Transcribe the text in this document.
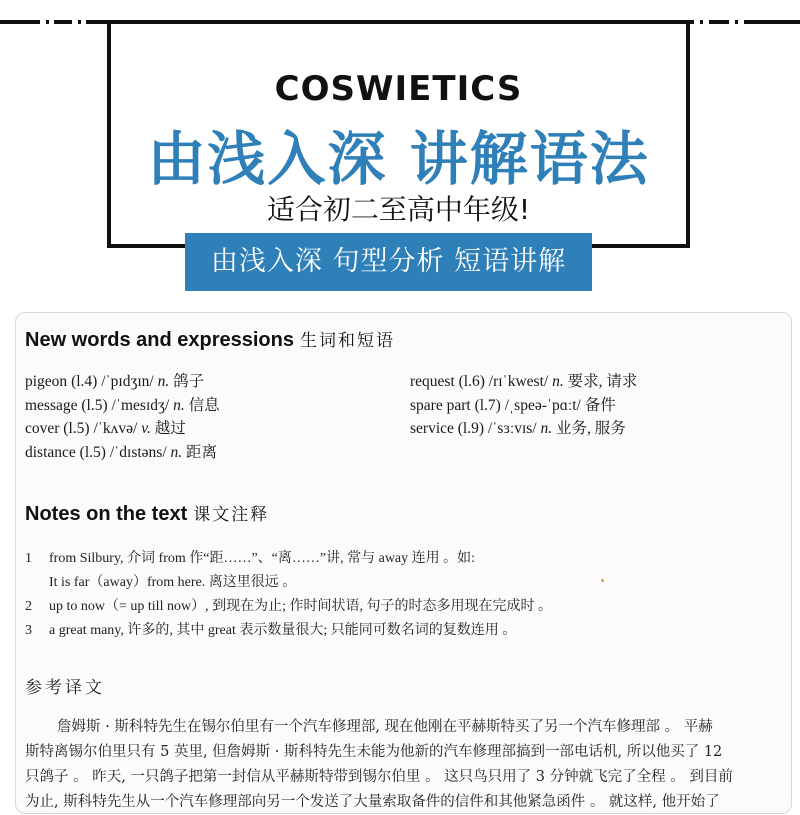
COSWIETICS
由浅入深 讲解语法
适合初二至高中年级!
由浅入深 句型分析 短语讲解
New words and expressions 生词和短语
pigeon (l.4) /ˈpɪdʒɪn/ n. 鸽子
message (l.5) /ˈmesɪdʒ/ n. 信息
cover (l.5) /ˈkʌvə/ v. 越过
distance (l.5) /ˈdɪstəns/ n. 距离
request (l.6) /rɪˈkwest/ n. 要求, 请求
spare part (l.7) /ˌspeə-ˈpɑːt/ 备件
service (l.9) /ˈsɜːvɪs/ n. 业务, 服务
Notes on the text 课文注释
1 from Silbury, 介词 from 作“距……”、“离……”讲, 常与 away 连用 。如:
It is far（away）from here. 离这里很远 。
2 up to now（= up till now）, 到现在为止; 作时间状语, 句子的时态多用现在完成时 。
3 a great many, 许多的, 其中 great 表示数量很大; 只能同可数名词的复数连用 。
参考译文
詹姆斯 · 斯科特先生在锡尔伯里有一个汽车修理部, 现在他刚在平赫斯特买了另一个汽车修理部 。 平赫
斯特离锡尔伯里只有 5 英里, 但詹姆斯 · 斯科特先生未能为他新的汽车修理部搞到一部电话机, 所以他买了 12
只鸽子 。 昨天, 一只鸽子把第一封信从平赫斯特带到锡尔伯里 。 这只鸟只用了 3 分钟就飞完了全程 。 到目前
为止, 斯科特先生从一个汽车修理部向另一个发送了大量索取备件的信件和其他紧急函件 。 就这样, 他开始了
